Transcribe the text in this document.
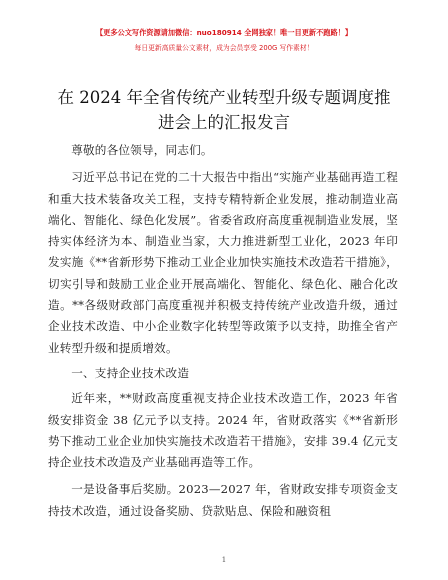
【更多公文写作资源请加微信：nuo180914 全网独家！唯一目更新不跑路！】
每日更新高质量公文素材，成为会员享受 200G 写作素材！
在 2024 年全省传统产业转型升级专题调度推进会上的汇报发言

尊敬的各位领导，同志们。

习近平总书记在党的二十大报告中指出“实施产业基础再造工程和重大技术装备攻关工程，支持专精特新企业发展，推动制造业高端化、智能化、绿色化发展”。省委省政府高度重视制造业发展，坚持实体经济为本、制造业当家，大力推进新型工业化，2023 年印发实施《**省新形势下推动工业企业加快实施技术改造若干措施》，切实引导和鼓励工业企业开展高端化、智能化、绿色化、融合化改造。**各级财政部门高度重视并积极支持传统产业改造升级，通过企业技术改造、中小企业数字化转型等政策予以支持，助推全省产业转型升级和提质增效。

一、支持企业技术改造

近年来，**财政高度重视支持企业技术改造工作，2023 年省级安排资金 38 亿元予以支持。2024 年，省财政落实《**省新形势下推动工业企业加快实施技术改造若干措施》，安排 39.4 亿元支持企业技术改造及产业基础再造等工作。

一是设备事后奖励。2023—2027 年，省财政安排专项资金支持技术改造，通过设备奖励、贷款贴息、保险和融资租

1
